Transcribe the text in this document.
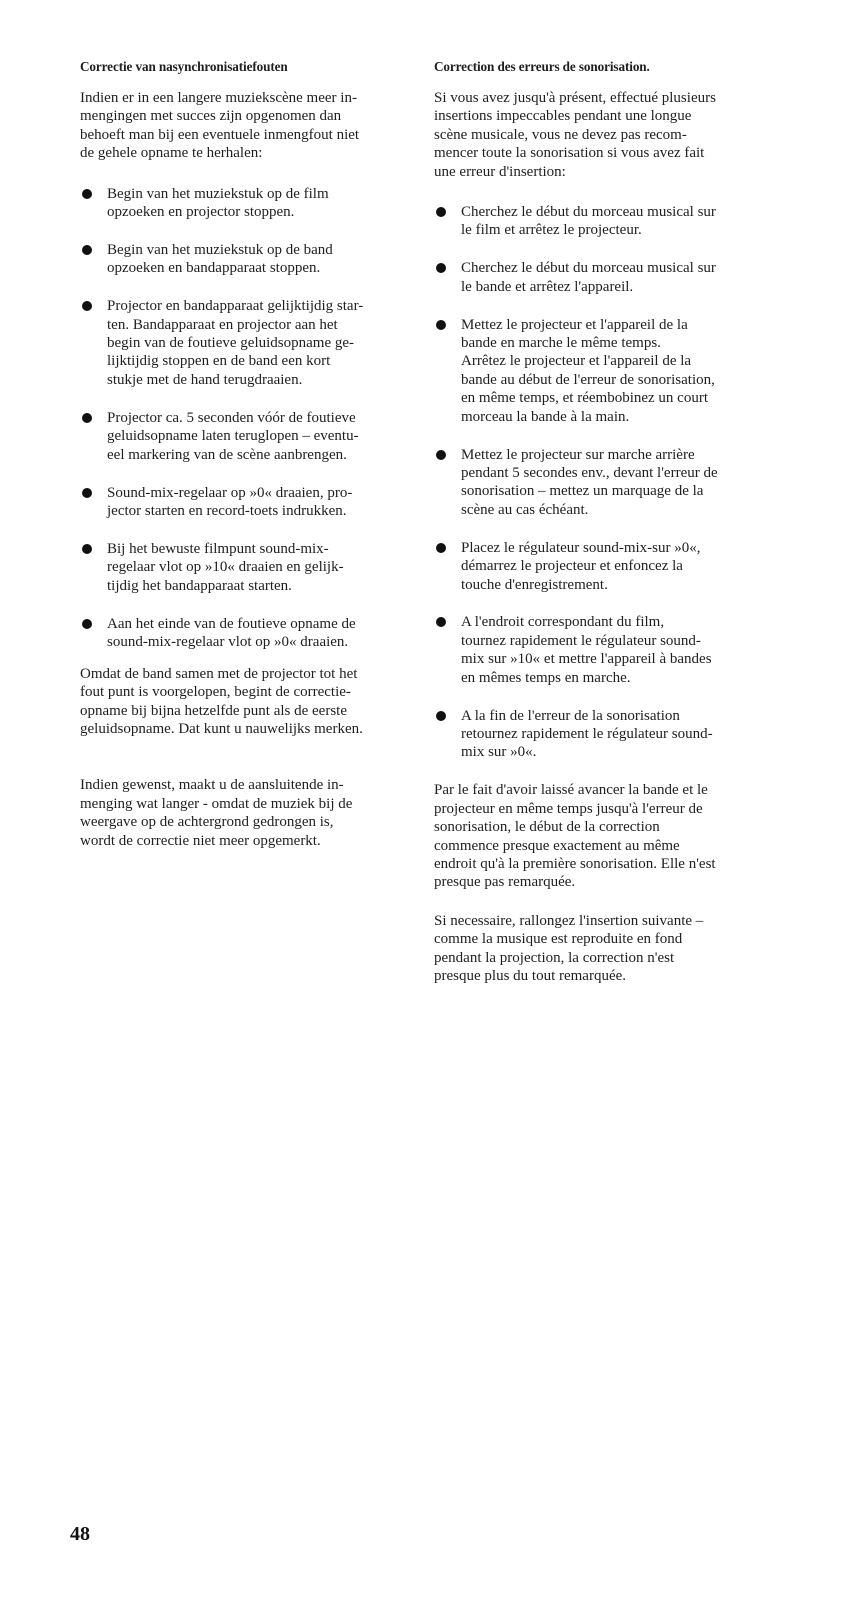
Correctie van nasynchronisatiefouten

Indien er in een langere muziekscène meer in-
mengingen met succes zijn opgenomen dan
behoeft man bij een eventuele inmengfout niet
de gehele opname te herhalen:

Begin van het muziekstuk op de film
opzoeken en projector stoppen.
Begin van het muziekstuk op de band
opzoeken en bandapparaat stoppen.
Projector en bandapparaat gelijktijdig star-
ten. Bandapparaat en projector aan het
begin van de foutieve geluidsopname ge-
lijktijdig stoppen en de band een kort
stukje met de hand terugdraaien.
Projector ca. 5 seconden vóór de foutieve
geluidsopname laten teruglopen – eventu-
eel markering van de scène aanbrengen.
Sound-mix-regelaar op »0« draaien, pro-
jector starten en record-toets indrukken.
Bij het bewuste filmpunt sound-mix-
regelaar vlot op »10« draaien en gelijk-
tijdig het bandapparaat starten.
Aan het einde van de foutieve opname de
sound-mix-regelaar vlot op »0« draaien.

Omdat de band samen met de projector tot het
fout punt is voorgelopen, begint de correctie-
opname bij bijna hetzelfde punt als de eerste
geluidsopname. Dat kunt u nauwelijks merken.

Indien gewenst, maakt u de aansluitende in-
menging wat langer - omdat de muziek bij de
weergave op de achtergrond gedrongen is,
wordt de correctie niet meer opgemerkt.

Correction des erreurs de sonorisation.

Si vous avez jusqu'à présent, effectué plusieurs
insertions impeccables pendant une longue
scène musicale, vous ne devez pas recom-
mencer toute la sonorisation si vous avez fait
une erreur d'insertion:

Cherchez le début du morceau musical sur
le film et arrêtez le projecteur.
Cherchez le début du morceau musical sur
le bande et arrêtez l'appareil.
Mettez le projecteur et l'appareil de la
bande en marche le même temps.
Arrêtez le projecteur et l'appareil de la
bande au début de l'erreur de sonorisation,
en même temps, et réembobinez un court
morceau la bande à la main.
Mettez le projecteur sur marche arrière
pendant 5 secondes env., devant l'erreur de
sonorisation – mettez un marquage de la
scène au cas échéant.
Placez le régulateur sound-mix-sur »0«,
démarrez le projecteur et enfoncez la
touche d'enregistrement.
A l'endroit correspondant du film,
tournez rapidement le régulateur sound-
mix sur »10« et mettre l'appareil à bandes
en mêmes temps en marche.
A la fin de l'erreur de la sonorisation
retournez rapidement le régulateur sound-
mix sur »0«.

Par le fait d'avoir laissé avancer la bande et le
projecteur en même temps jusqu'à l'erreur de
sonorisation, le début de la correction
commence presque exactement au même
endroit qu'à la première sonorisation. Elle n'est
presque pas remarquée.

Si necessaire, rallongez l'insertion suivante –
comme la musique est reproduite en fond
pendant la projection, la correction n'est
presque plus du tout remarquée.

48
